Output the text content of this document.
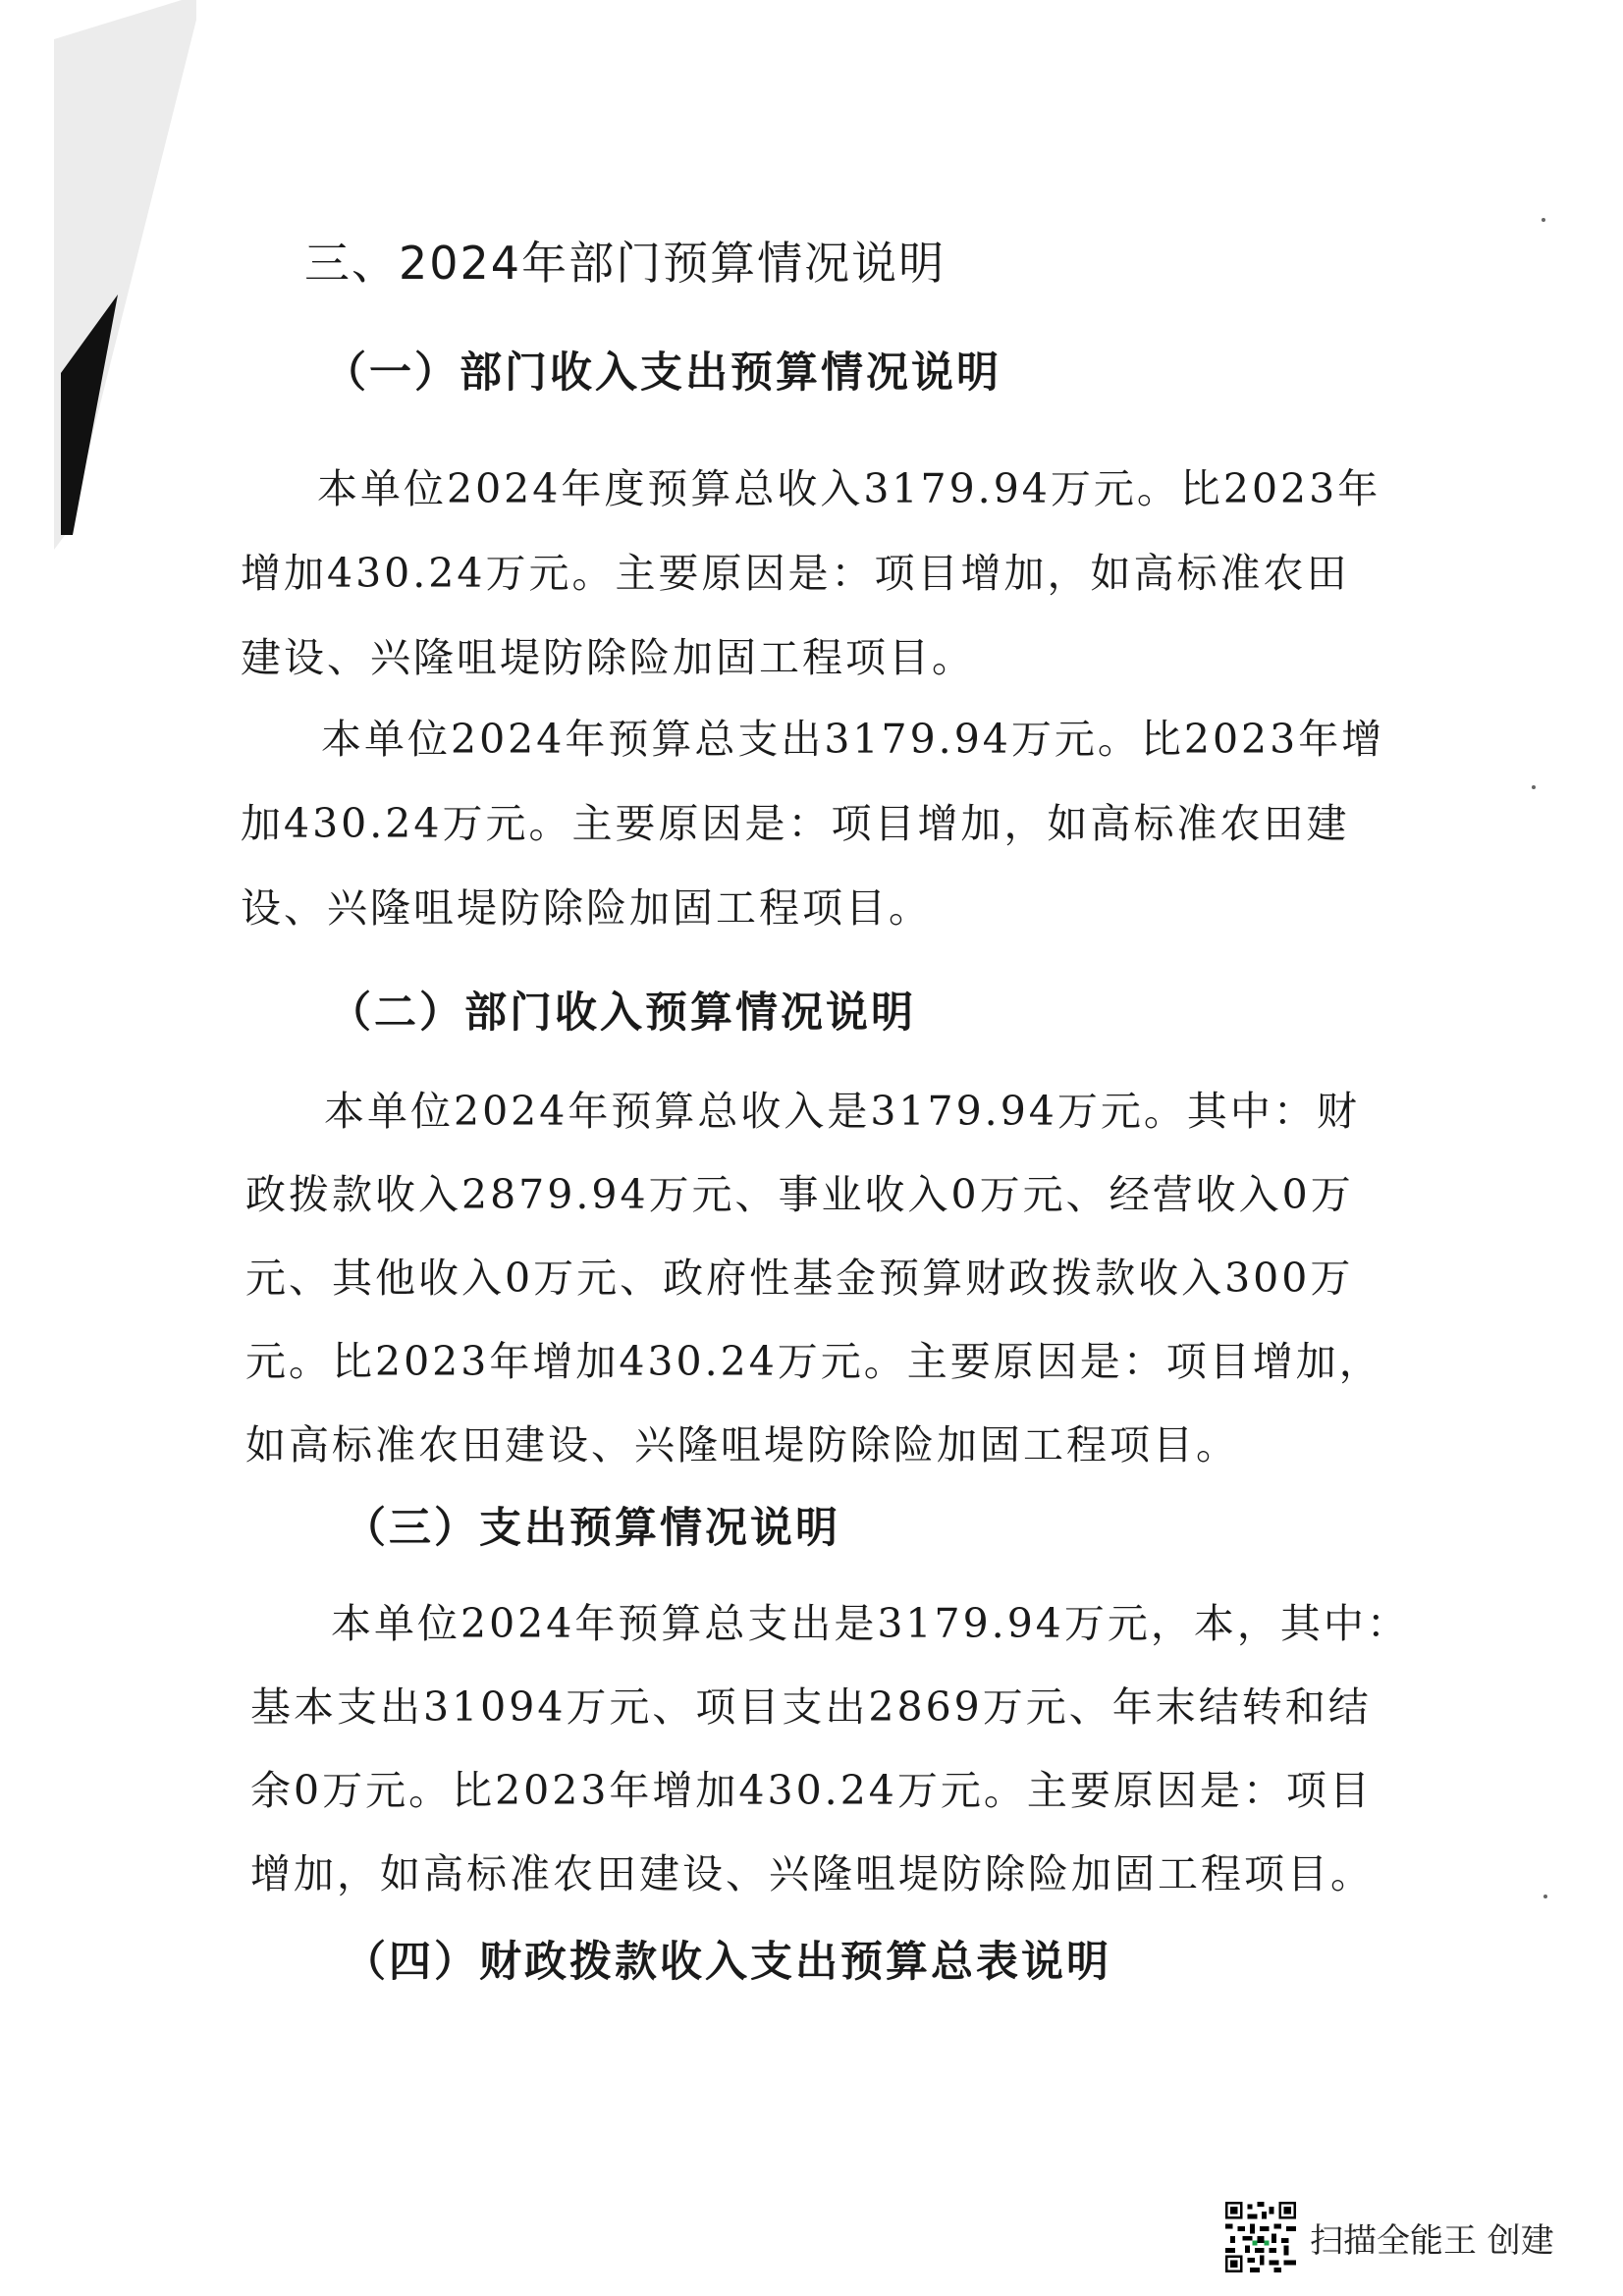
三、2024年部门预算情况说明
（一）部门收入支出预算情况说明
本单位2024年度预算总收入3179.94万元。比2023年
增加430.24万元。主要原因是：项目增加，如高标准农田
建设、兴隆咀堤防除险加固工程项目。
本单位2024年预算总支出3179.94万元。比2023年增
加430.24万元。主要原因是：项目增加，如高标准农田建
设、兴隆咀堤防除险加固工程项目。
（二）部门收入预算情况说明
本单位2024年预算总收入是3179.94万元。其中：财
政拨款收入2879.94万元、事业收入0万元、经营收入0万
元、其他收入0万元、政府性基金预算财政拨款收入300万
元。比2023年增加430.24万元。主要原因是：项目增加，
如高标准农田建设、兴隆咀堤防除险加固工程项目。
（三）支出预算情况说明
本单位2024年预算总支出是3179.94万元，本，其中：
基本支出31094万元、项目支出2869万元、年末结转和结
余0万元。比2023年增加430.24万元。主要原因是：项目
增加，如高标准农田建设、兴隆咀堤防除险加固工程项目。
（四）财政拨款收入支出预算总表说明
扫描全能王 创建
